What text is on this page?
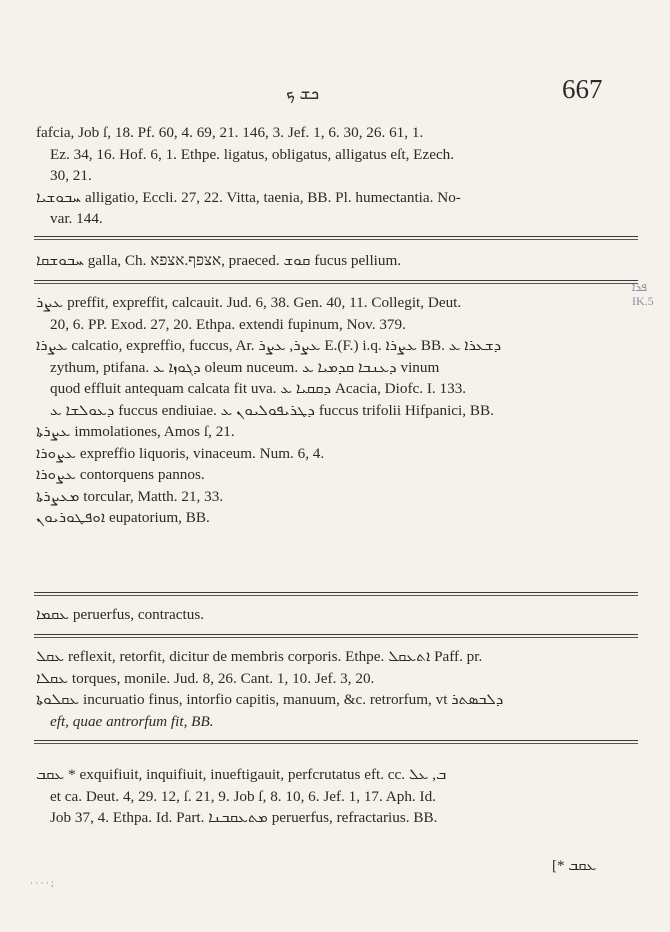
ܟܫ ܟ	667

fafcia, Job ſ, 18. Pf. 60, 4. 69, 21. 146, 3. Jef. 1, 6. 30, 26. 61, 1.

Ez. 34, 16. Hof. 6, 1. Ethpe. ligatus, obligatus, alligatus eſt, Ezech.

30, 21.

ܚܒܘܫܝܐ alligatio, Eccli. 27, 22. Vitta, taenia, BB. Pl. humectantia. No-

var. 144.

ܚܒܘܫܩܐ galla, Ch. אצפף.אצפא, praeced. ܩܘܫ fucus pellium.

ܥܨܪ preffit, expreffit, calcauit. Jud. 6, 38. Gen. 40, 11. Collegit, Deut.

20, 6. PP. Exod. 27, 20. Ethpa. extendi fupinum, Nov. 379.

ܥܨܪܐ calcatio, expreffio, fuccus, Ar. ܥܨܪ, ܥܨܪ E.(F.) i.q. ܥܨܪܐ BB. ܕܫܥܪܐ ܥ

zythum, ptifana. ܕܓܘܙܐ ܥ oleum nuceum. ܕܥܢܒܐ ܩܕܡܝܐ ܥ vinum

quod effluit antequam calcata fit uva. ܕܩܩܝܐ ܥ Acacia, Diofc. I. 133.

ܕܥܘܠܫܐ ܥ fuccus endiuiae. ܕܛܪܝܦܘܠܝܘܢ ܥ fuccus trifolii Hifpanici, BB.

ܥܨܪܬܐ immolationes, Amos ſ, 21.

ܥܨܘܪܐ expreffio liquoris, vinaceum. Num. 6, 4.

ܥܨܘܪܐ contorquens pannos.

ܡܥܨܪܬܐ torcular, Matth. 21, 33.

ܐܘܦܛܘܪܝܘܢ eupatorium, BB.

ܥܩܡܐ peruerfus, contractus.

ܥܩܠ reflexit, retorfit, dicitur de membris corporis. Ethpe. ܐܬܥܩܠ Paff. pr.

ܥܩܠܐ torques, monile. Jud. 8, 26. Cant. 1, 10. Jef. 3, 20.

ܥܩܠܘܬܐ incuruatio finus, intorfio capitis, manuum, &c. retrorfum, vt ܕܠܒܣܬܪ

eft, quae antrorfum fit, BB.

ܥܩܒ * exquifiuit, inquifiuit, inueftigauit, perfcrutatus eft. cc. ܒ, ܥܠ

et ca. Deut. 4, 29. 12, ſ. 21, 9. Job ſ, 8. 10, 6. Jef. 1, 17. Aph. Id.

Job 37, 4. Ethpa. Id. Part. ܡܬܥܩܒܢܐ peruerfus, refractarius. BB.

[* ܥܩܒ
ܦܪܐ IK.5
· · · · ;
